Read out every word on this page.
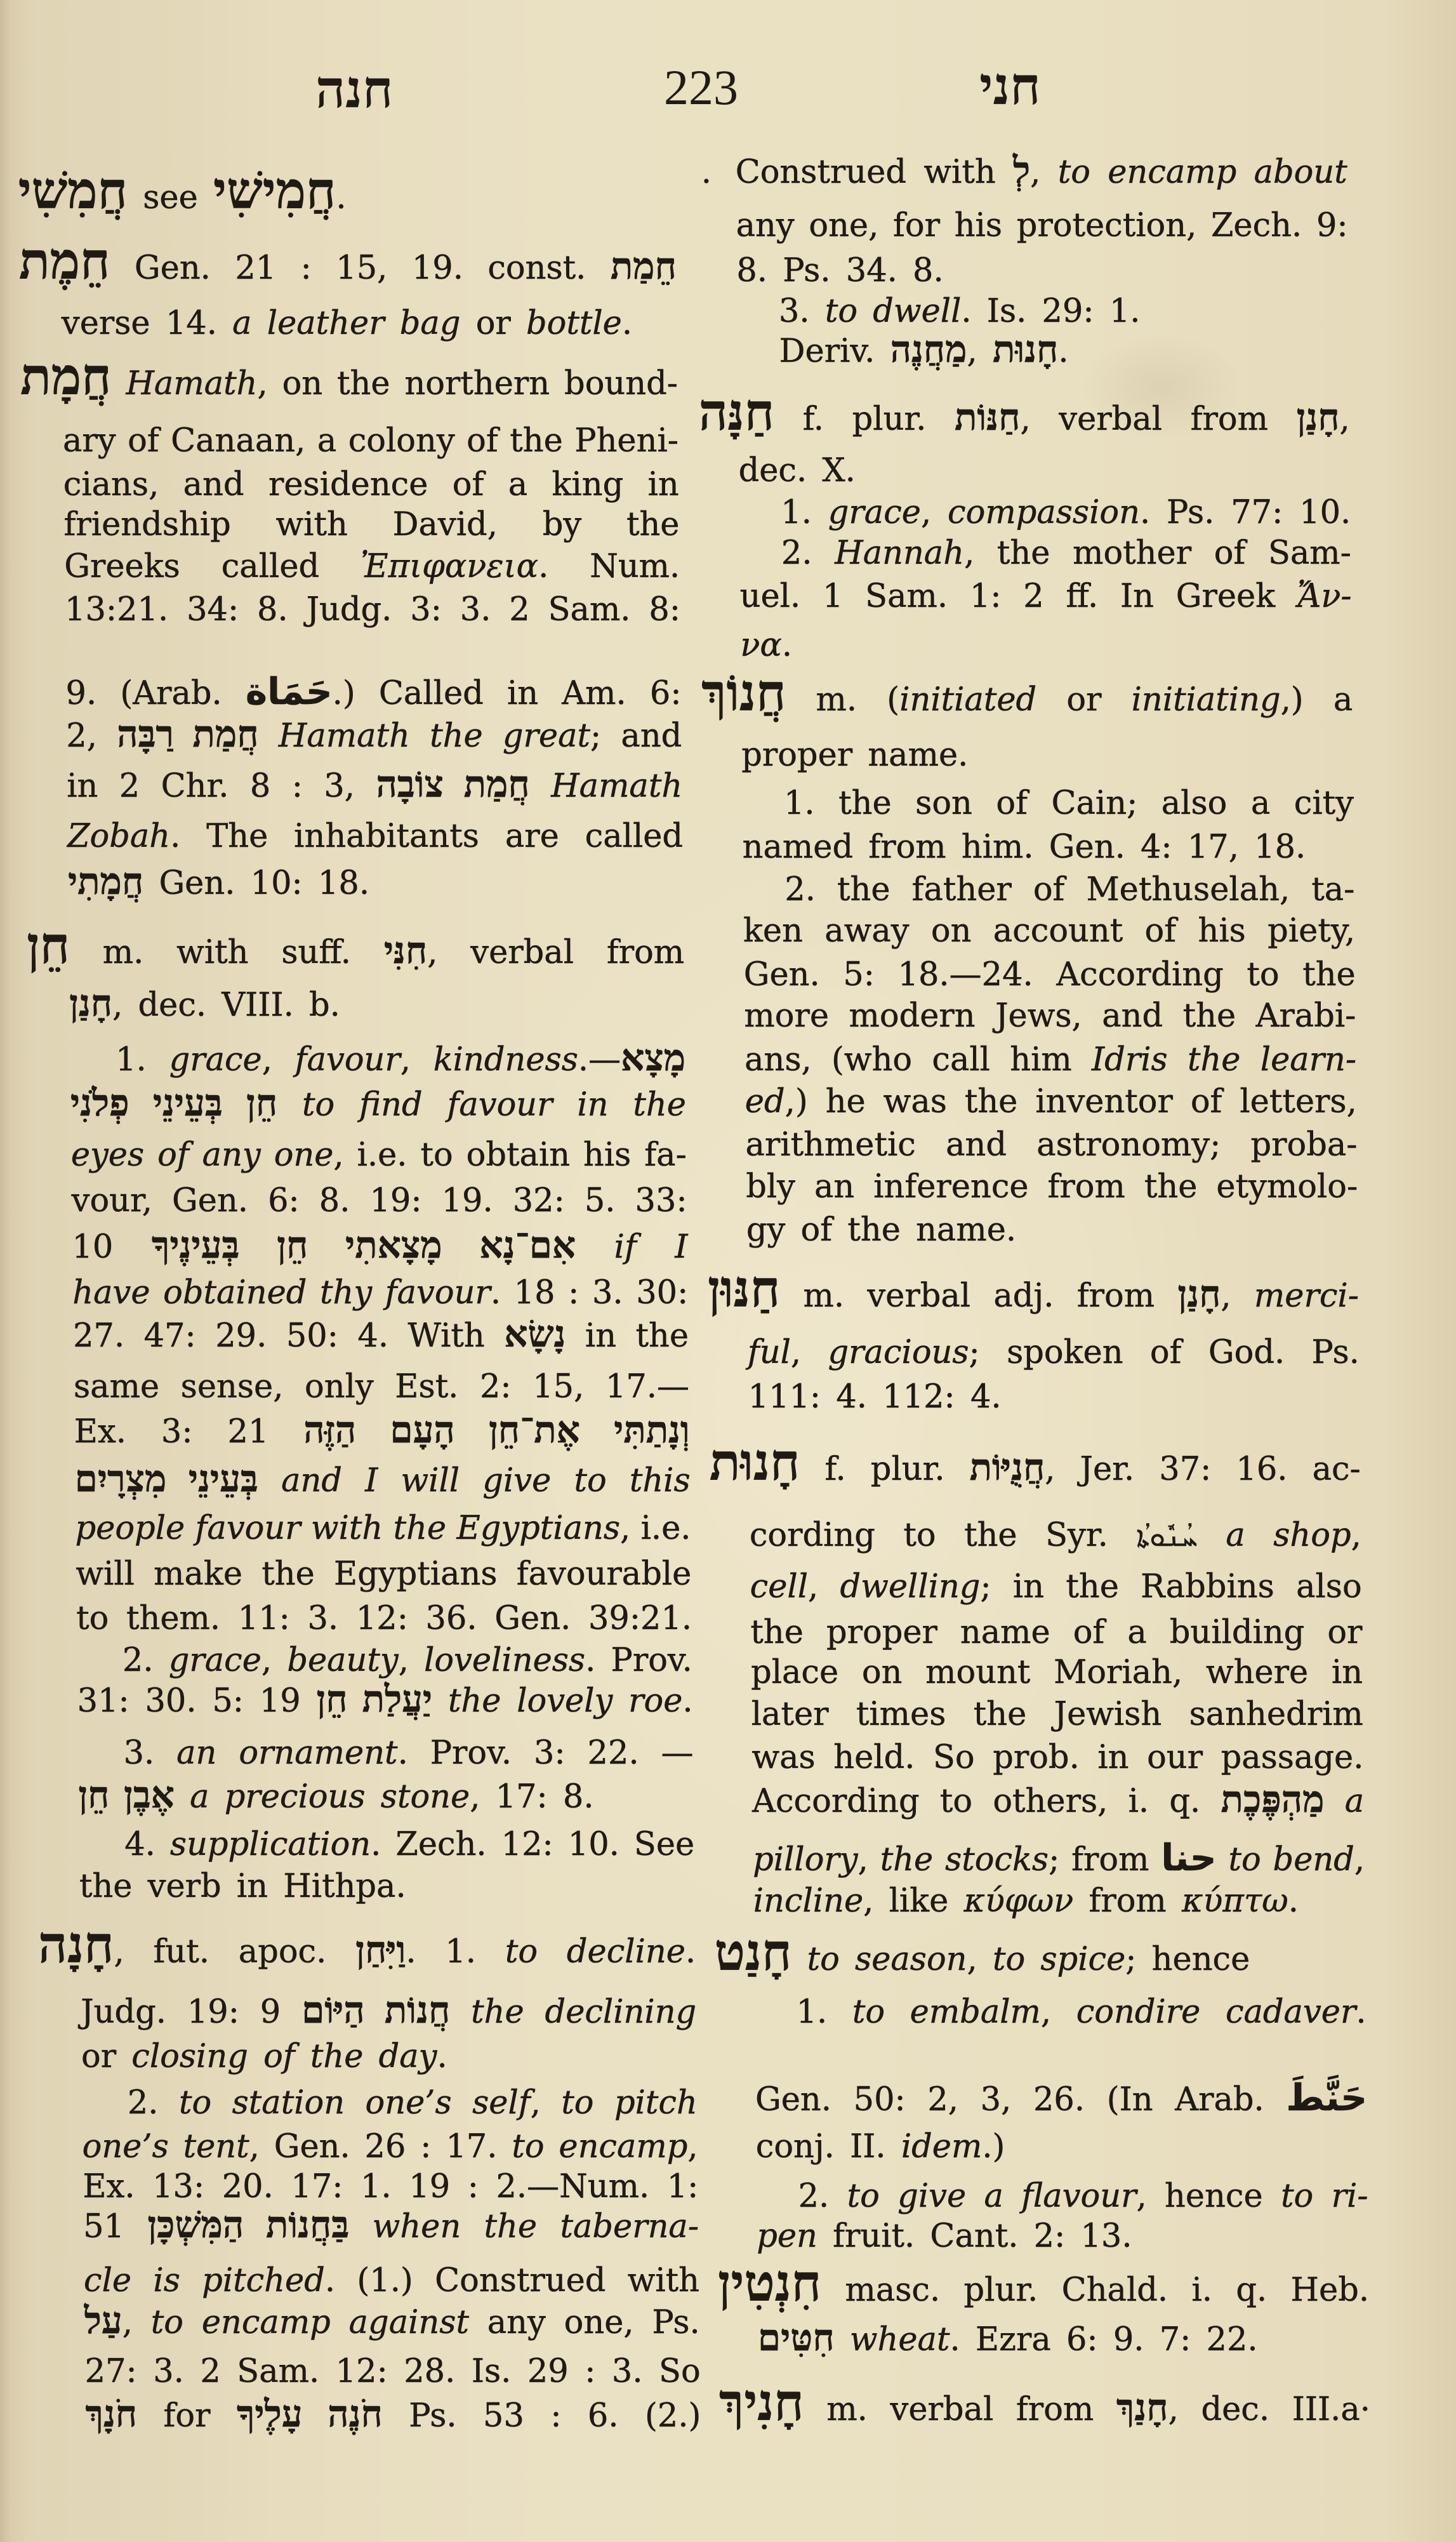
חנה	223	חני
חֲמִשִׁי see חֲמִישִׁי.
חֵמֶת Gen. 21 : 15, 19. const. חֵמַת
verse 14. a leather bag or bottle.
חֲמָת Hamath, on the northern bound-
ary of Canaan, a colony of the Pheni-
cians, and residence of a king in
friendship with David, by the
Greeks called Ἐπιφανεια. Num.
13:21. 34: 8. Judg. 3: 3. 2 Sam. 8:
9. (Arab. حَمَاة.) Called in Am. 6:
2, חֲמַת רַבָּה Hamath the great; and
in 2 Chr. 8 : 3, חֲמַת צוֹבָה Hamath
Zobah. The inhabitants are called
חֲמָתִי Gen. 10: 18.
חֵן m. with suff. חִנִּי, verbal from
חָנַן, dec. VIII. b.
1. grace, favour, kindness.—מָצָא
חֵן בְּעֵינֵי פְלֹנִי to find favour in the
eyes of any one, i.e. to obtain his fa-
vour, Gen. 6: 8. 19: 19. 32: 5. 33:
10 אִם־נָא מָצָאתִי חֵן בְּעֵינֶיךָ if I
have obtained thy favour. 18 : 3. 30:
27. 47: 29. 50: 4. With נָשָׂא in the
same sense, only Est. 2: 15, 17.—
Ex. 3: 21 וְנָתַתִּי אֶת־חֵן הָעָם הַזֶּה
בְּעֵינֵי מִצְרָיִם and I will give to this
people favour with the Egyptians, i.e.
will make the Egyptians favourable
to them. 11: 3. 12: 36. Gen. 39:21.
2. grace, beauty, loveliness. Prov.
31: 30. 5: 19 יַעֲלַת חֵן the lovely roe.
3. an ornament. Prov. 3: 22. —
אֶבֶן חֵן a precious stone, 17: 8.
4. supplication. Zech. 12: 10. See
the verb in Hithpa.
חָנָה, fut. apoc. וַיִּחַן. 1. to decline.
Judg. 19: 9 חֲנוֹת הַיּוֹם the declining
or closing of the day.
2. to station one’s self, to pitch
one’s tent, Gen. 26 : 17. to encamp,
Ex. 13: 20. 17: 1. 19 : 2.—Num. 1:
51 בַּחֲנוֹת הַמִּשְׁכָּן when the taberna-
cle is pitched. (1.) Construed with
עַל, to encamp against any one, Ps.
27: 3. 2 Sam. 12: 28. Is. 29 : 3. So
חֹנָךְ for חֹנֶה עָלֶיךָ Ps. 53 : 6. (2.)
. Construed with לְ, to encamp about
any one, for his protection, Zech. 9:
8. Ps. 34. 8.
3. to dwell. Is. 29: 1.
Deriv. מַחֲנֶה, חָנוּת.
חַנָּה f. plur. חַנּוֹת, verbal from חָנַן,
dec. X.
1. grace, compassion. Ps. 77: 10.
2. Hannah, the mother of Sam-
uel. 1 Sam. 1: 2 ff. In Greek Ἄν-
να.
חֲנוֹךְ m. (initiated or initiating,) a
proper name.
1. the son of Cain; also a city
named from him. Gen. 4: 17, 18.
2. the father of Methuselah, ta-
ken away on account of his piety,
Gen. 5: 18.—24. According to the
more modern Jews, and the Arabi-
ans, (who call him Idris the learn-
ed,) he was the inventor of letters,
arithmetic and astronomy; proba-
bly an inference from the etymolo-
gy of the name.
חַנּוּן m. verbal adj. from חָנַן, merci-
ful, gracious; spoken of God. Ps.
111: 4. 112: 4.
חָנוּת f. plur. חֲנֻיּוֹת, Jer. 37: 16. ac-
cording to the Syr. ܚܳܢܽܘܬܳܐ a shop,
cell, dwelling; in the Rabbins also
the proper name of a building or
place on mount Moriah, where in
later times the Jewish sanhedrim
was held. So prob. in our passage.
According to others, i. q. מַהְפֶּכֶת a
pillory, the stocks; from حنا to bend,
incline, like κύφων from κύπτω.
חָנַט to season, to spice; hence
1. to embalm, condire cadaver.
Gen. 50: 2, 3, 26. (In Arab. حَنَّطَ
conj. II. idem.)
2. to give a flavour, hence to ri-
pen fruit. Cant. 2: 13.
חִנְטִין masc. plur. Chald. i. q. Heb.
חִטִּים wheat. Ezra 6: 9. 7: 22.
חָנִיךְ m. verbal from חָנַךְ, dec. III.a·
